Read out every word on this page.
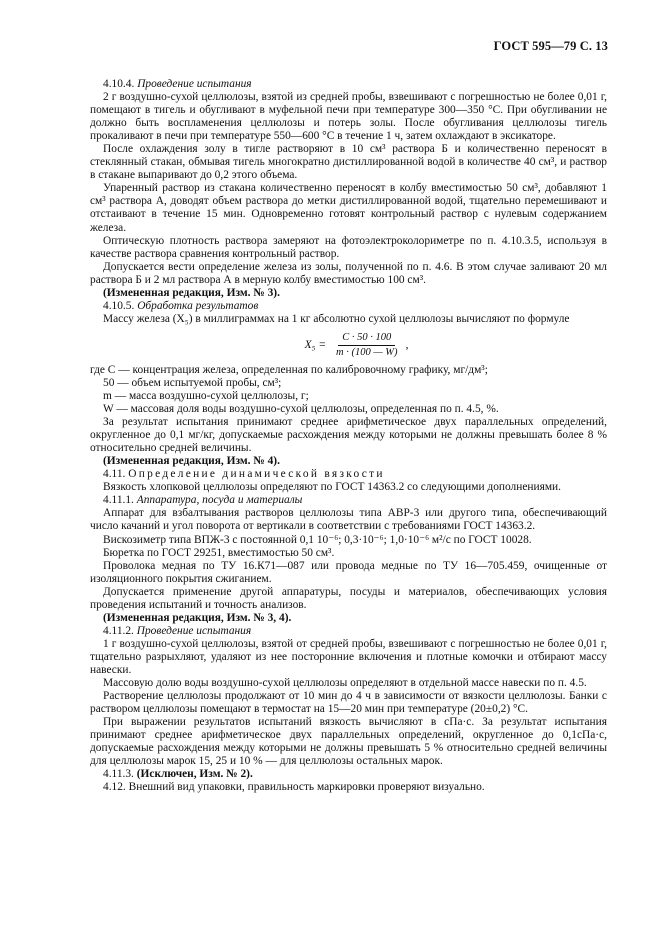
ГОСТ 595—79 С. 13

4.10.4. Проведение испытания

2 г воздушно-сухой целлюлозы, взятой из средней пробы, взвешивают с погрешностью не более 0,01 г, помещают в тигель и обугливают в муфельной печи при температуре 300—350 °С. При обугливании не должно быть воспламенения целлюлозы и потерь золы. После обугливания целлюлозы тигель прокаливают в печи при температуре 550—600 °С в течение 1 ч, затем охлаждают в эксикаторе.

После охлаждения золу в тигле растворяют в 10 см³ раствора Б и количественно переносят в стеклянный стакан, обмывая тигель многократно дистиллированной водой в количестве 40 см³, и раствор в стакане выпаривают до 0,2 этого объема.

Упаренный раствор из стакана количественно переносят в колбу вместимостью 50 см³, добавляют 1 см³ раствора А, доводят объем раствора до метки дистиллированной водой, тщательно перемешивают и отстаивают в течение 15 мин. Одновременно готовят контрольный раствор с нулевым содержанием железа.

Оптическую плотность раствора замеряют на фотоэлектроколориметре по п. 4.10.3.5, используя в качестве раствора сравнения контрольный раствор.

Допускается вести определение железа из золы, полученной по п. 4.6. В этом случае заливают 20 мл раствора Б и 2 мл раствора А в мерную колбу вместимостью 100 см³.

(Измененная редакция, Изм. № 3).

4.10.5. Обработка результатов

Массу железа (X₅) в миллиграммах на 1 кг абсолютно сухой целлюлозы вычисляют по формуле

$X_5 = \frac{C \cdot 50 \cdot 100}{m \cdot (100 — W)}$ ,

где C — концентрация железа, определенная по калибровочному графику, мг/дм³;

50 — объем испытуемой пробы, см³;

m — масса воздушно-сухой целлюлозы, г;

W — массовая доля воды воздушно-сухой целлюлозы, определенная по п. 4.5, %.

За результат испытания принимают среднее арифметическое двух параллельных определений, округленное до 0,1 мг/кг, допускаемые расхождения между которыми не должны превышать более 8 % относительно средней величины.

(Измененная редакция, Изм. № 4).

4.11. Определение динамической вязкости

Вязкость хлопковой целлюлозы определяют по ГОСТ 14363.2 со следующими дополнениями.

4.11.1. Аппаратура, посуда и материалы

Аппарат для взбалтывания растворов целлюлозы типа АВР-3 или другого типа, обеспечивающий число качаний и угол поворота от вертикали в соответствии с требованиями ГОСТ 14363.2.

Вискозиметр типа ВПЖ-3 с постоянной 0,1 10⁻⁶; 0,3·10⁻⁶; 1,0·10⁻⁶ м²/с по ГОСТ 10028.

Бюретка по ГОСТ 29251, вместимостью 50 см³.

Проволока медная по ТУ 16.К71—087 или провода медные по ТУ 16—705.459, очищенные от изоляционного покрытия сжиганием.

Допускается применение другой аппаратуры, посуды и материалов, обеспечивающих условия проведения испытаний и точность анализов.

(Измененная редакция, Изм. № 3, 4).

4.11.2. Проведение испытания

1 г воздушно-сухой целлюлозы, взятой от средней пробы, взвешивают с погрешностью не более 0,01 г, тщательно разрыхляют, удаляют из нее посторонние включения и плотные комочки и отбирают массу навески.

Массовую долю воды воздушно-сухой целлюлозы определяют в отдельной массе навески по п. 4.5.

Растворение целлюлозы продолжают от 10 мин до 4 ч в зависимости от вязкости целлюлозы. Банки с раствором целлюлозы помещают в термостат на 15—20 мин при температуре (20±0,2) °С.

При выражении результатов испытаний вязкость вычисляют в сПа·с. За результат испытания принимают среднее арифметическое двух параллельных определений, округленное до 0,1сПа·с, допускаемые расхождения между которыми не должны превышать 5 % относительно средней величины для целлюлозы марок 15, 25 и 10 % — для целлюлозы остальных марок.

4.11.3. (Исключен, Изм. № 2).

4.12. Внешний вид упаковки, правильность маркировки проверяют визуально.
